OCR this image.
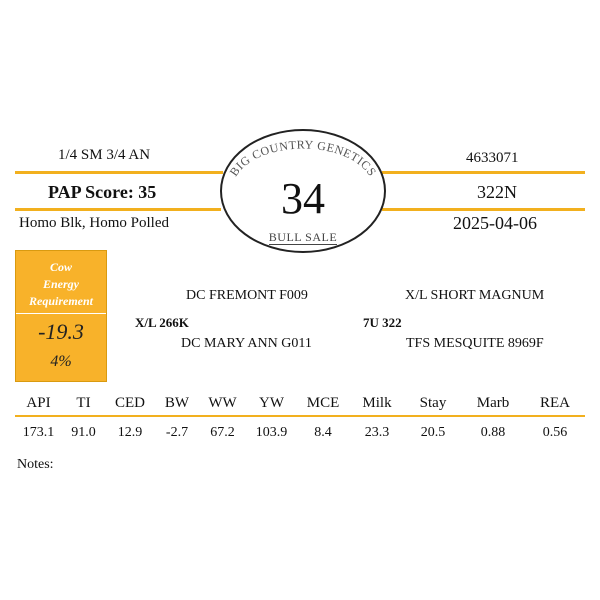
1/4 SM 3/4 AN	4633071
PAP Score: 35	322N
Homo Blk, Homo Polled	2025-04-06
BIG COUNTRY GENETICS
34
BULL SALE
Cow
Energy
Requirement
-19.3
4%
DC FREMONT F009
X/L 266K
DC MARY ANN G011
X/L SHORT MAGNUM
7U 322
TFS MESQUITE 8969F
API	TI	CED	BW	WW	YW	MCE	Milk	Stay	Marb	REA
173.1	91.0	12.9	-2.7	67.2	103.9	8.4	23.3	20.5	0.88	0.56
Notes:
